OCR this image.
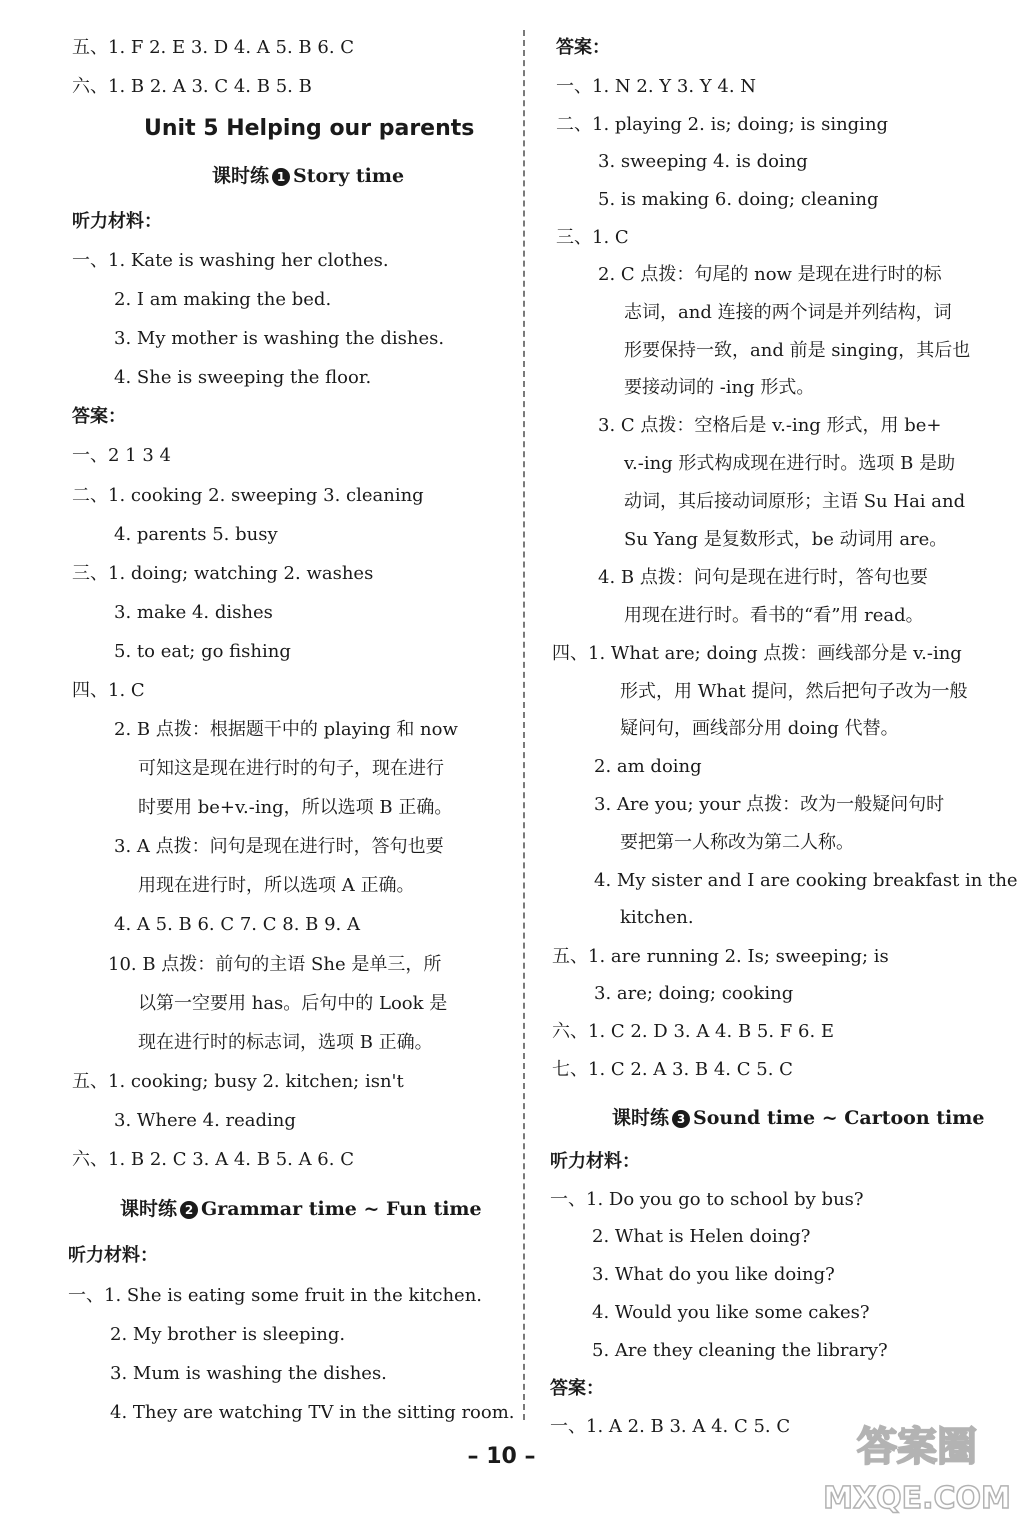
五、1. F 2. E 3. D 4. A 5. B 6. C
六、1. B 2. A 3. C 4. B 5. B
Unit 5 Helping our parents
课时练 1 Story time
听力材料：
一、1. Kate is washing her clothes.
2. I am making the bed.
3. My mother is washing the dishes.
4. She is sweeping the floor.
答案：
一、2 1 3 4
二、1. cooking 2. sweeping 3. cleaning
4. parents 5. busy
三、1. doing; watching 2. washes
3. make 4. dishes
5. to eat; go fishing
四、1. C
2. B 点拨：根据题干中的 playing 和 now
可知这是现在进行时的句子，现在进行
时要用 be+v.-ing，所以选项 B 正确。
3. A 点拨：问句是现在进行时，答句也要
用现在进行时，所以选项 A 正确。
4. A 5. B 6. C 7. C 8. B 9. A
10. B 点拨：前句的主语 She 是单三，所
以第一空要用 has。后句中的 Look 是
现在进行时的标志词，选项 B 正确。
五、1. cooking; busy 2. kitchen; isn't
3. Where 4. reading
六、1. B 2. C 3. A 4. B 5. A 6. C
课时练 2 Grammar time ~ Fun time
听力材料：
一、1. She is eating some fruit in the kitchen.
2. My brother is sleeping.
3. Mum is washing the dishes.
4. They are watching TV in the sitting room.
答案：
一、1. N 2. Y 3. Y 4. N
二、1. playing 2. is; doing; is singing
3. sweeping 4. is doing
5. is making 6. doing; cleaning
三、1. C
2. C 点拨：句尾的 now 是现在进行时的标
志词，and 连接的两个词是并列结构，词
形要保持一致，and 前是 singing，其后也
要接动词的 -ing 形式。
3. C 点拨：空格后是 v.-ing 形式，用 be+
v.-ing 形式构成现在进行时。选项 B 是助
动词，其后接动词原形；主语 Su Hai and
Su Yang 是复数形式，be 动词用 are。
4. B 点拨：问句是现在进行时，答句也要
用现在进行时。看书的“看”用 read。
四、1. What are; doing 点拨：画线部分是 v.-ing
形式，用 What 提问，然后把句子改为一般
疑问句，画线部分用 doing 代替。
2. am doing
3. Are you; your 点拨：改为一般疑问句时
要把第一人称改为第二人称。
4. My sister and I are cooking breakfast in the
kitchen.
五、1. are running 2. Is; sweeping; is
3. are; doing; cooking
六、1. C 2. D 3. A 4. B 5. F 6. E
七、1. C 2. A 3. B 4. C 5. C
课时练 3 Sound time ~ Cartoon time
听力材料：
一、1. Do you go to school by bus?
2. What is Helen doing?
3. What do you like doing?
4. Would you like some cakes?
5. Are they cleaning the library?
答案：
一、1. A 2. B 3. A 4. C 5. C
– 10 –	答案圈
MXQE.COM
